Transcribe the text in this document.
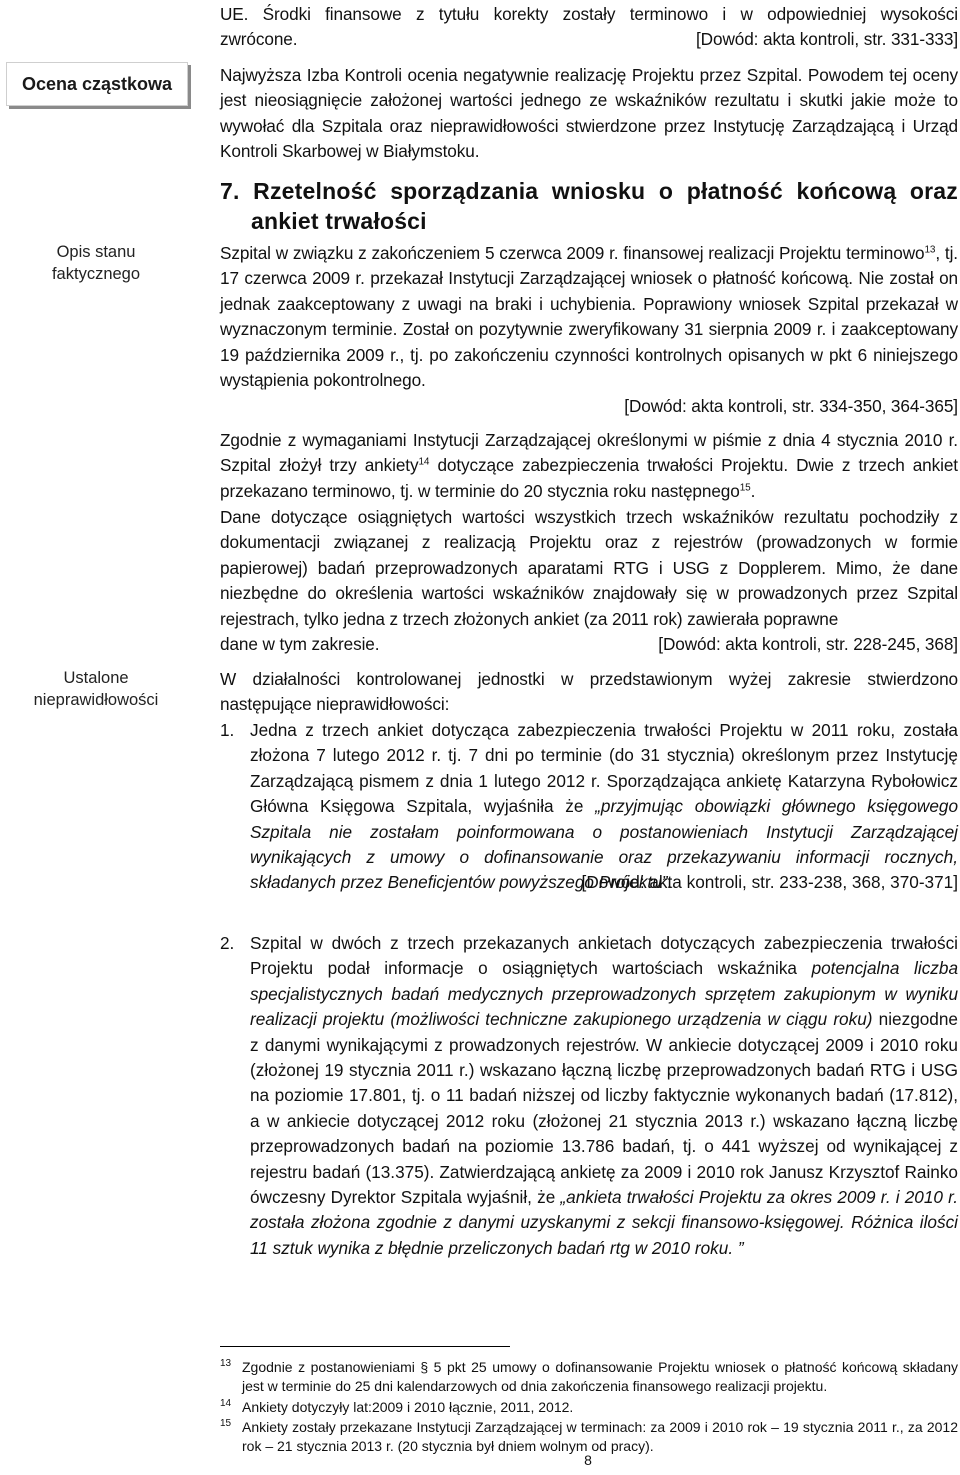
Ocena cząstkowa
Opis stanu
faktycznego
Ustalone
nieprawidłowości
UE. Środki finansowe z tytułu korekty zostały terminowo i w odpowiedniej wysokości
zwrócone.	[Dowód: akta kontroli, str. 331-333]

Najwyższa Izba Kontroli ocenia negatywnie realizację Projektu przez Szpital. Powodem tej oceny jest nieosiągnięcie założonej wartości jednego ze wskaźników rezultatu i skutki jakie może to wywołać dla Szpitala oraz nieprawidłowości stwierdzone przez Instytucję Zarządzającą i Urząd Kontroli Skarbowej w Białymstoku.

7. Rzetelność sporządzania wniosku o płatność końcową oraz
ankiet trwałości

Szpital w związku z zakończeniem 5 czerwca 2009 r. finansowej realizacji Projektu terminowo$^{13}$, tj. 17 czerwca 2009 r. przekazał Instytucji Zarządzającej wniosek o płatność końcową. Nie został on jednak zaakceptowany z uwagi na braki i uchybienia. Poprawiony wniosek Szpital przekazał w wyznaczonym terminie. Został on pozytywnie zweryfikowany 31 sierpnia 2009 r. i zaakceptowany 19 października 2009 r., tj. po zakończeniu czynności kontrolnych opisanych w pkt 6 niniejszego wystąpienia pokontrolnego.

[Dowód: akta kontroli, str. 334-350, 364-365]

Zgodnie z wymaganiami Instytucji Zarządzającej określonymi w piśmie z dnia 4 stycznia 2010 r. Szpital złożył trzy ankiety$^{14}$ dotyczące zabezpieczenia trwałości Projektu. Dwie z trzech ankiet przekazano terminowo, tj. w terminie do 20 stycznia roku następnego$^{15}$.

Dane dotyczące osiągniętych wartości wszystkich trzech wskaźników rezultatu pochodziły z dokumentacji związanej z realizacją Projektu oraz z rejestrów (prowadzonych w formie papierowej) badań przeprowadzonych aparatami RTG i USG z Dopplerem. Mimo, że dane niezbędne do określenia wartości wskaźników znajdowały się w prowadzonych przez Szpital rejestrach, tylko jedna z trzech złożonych ankiet (za 2011 rok) zawierała poprawne

dane w tym zakresie.	[Dowód: akta kontroli, str. 228-245, 368]

W działalności kontrolowanej jednostki w przedstawionym wyżej zakresie stwierdzono następujące nieprawidłowości:

1. Jedna z trzech ankiet dotycząca zabezpieczenia trwałości Projektu w 2011 roku, została złożona 7 lutego 2012 r. tj. 7 dni po terminie (do 31 stycznia) określonym przez Instytucję Zarządzającą pismem z dnia 1 lutego 2012 r. Sporządzająca ankietę Katarzyna Rybołowicz Główna Księgowa Szpitala, wyjaśniła że „przyjmując obowiązki głównego księgowego Szpitala nie zostałam poinformowana o postanowieniach Instytucji Zarządzającej wynikających z umowy o dofinansowanie oraz przekazywaniu informacji rocznych, składanych przez Beneficjentów powyższego Projektu”.

[Dowód: akta kontroli, str. 233-238, 368, 370-371]
2. Szpital w dwóch z trzech przekazanych ankietach dotyczących zabezpieczenia trwałości Projektu podał informacje o osiągniętych wartościach wskaźnika potencjalna liczba specjalistycznych badań medycznych przeprowadzonych sprzętem zakupionym w wyniku realizacji projektu (możliwości techniczne zakupionego urządzenia w ciągu roku) niezgodne z danymi wynikającymi z prowadzonych rejestrów. W ankiecie dotyczącej 2009 i 2010 roku (złożonej 19 stycznia 2011 r.) wskazano łączną liczbę przeprowadzonych badań RTG i USG na poziomie 17.801, tj. o 11 badań niższej od liczby faktycznie wykonanych badań (17.812), a w ankiecie dotyczącej 2012 roku (złożonej 21 stycznia 2013 r.) wskazano łączną liczbę przeprowadzonych badań na poziomie 13.786 badań, tj. o 441 wyższej od wynikającej z rejestru badań (13.375). Zatwierdzającą ankietę za 2009 i 2010 rok Janusz Krzysztof Rainko ówczesny Dyrektor Szpitala wyjaśnił, że „ankieta trwałości Projektu za okres 2009 r. i 2010 r. została złożona zgodnie z danymi uzyskanymi z sekcji finansowo-księgowej. Różnica ilości 11 sztuk wynika z błędnie przeliczonych badań rtg w 2010 roku. ”

13 Zgodnie z postanowieniami § 5 pkt 25 umowy o dofinansowanie Projektu wniosek o płatność końcową składany jest w terminie do 25 dni kalendarzowych od dnia zakończenia finansowego realizacji projektu.
14 Ankiety dotyczyły lat:2009 i 2010 łącznie, 2011, 2012.
15 Ankiety zostały przekazane Instytucji Zarządzającej w terminach: za 2009 i 2010 rok – 19 stycznia 2011 r., za 2012 rok – 21 stycznia 2013 r. (20 stycznia był dniem wolnym od pracy).
8
